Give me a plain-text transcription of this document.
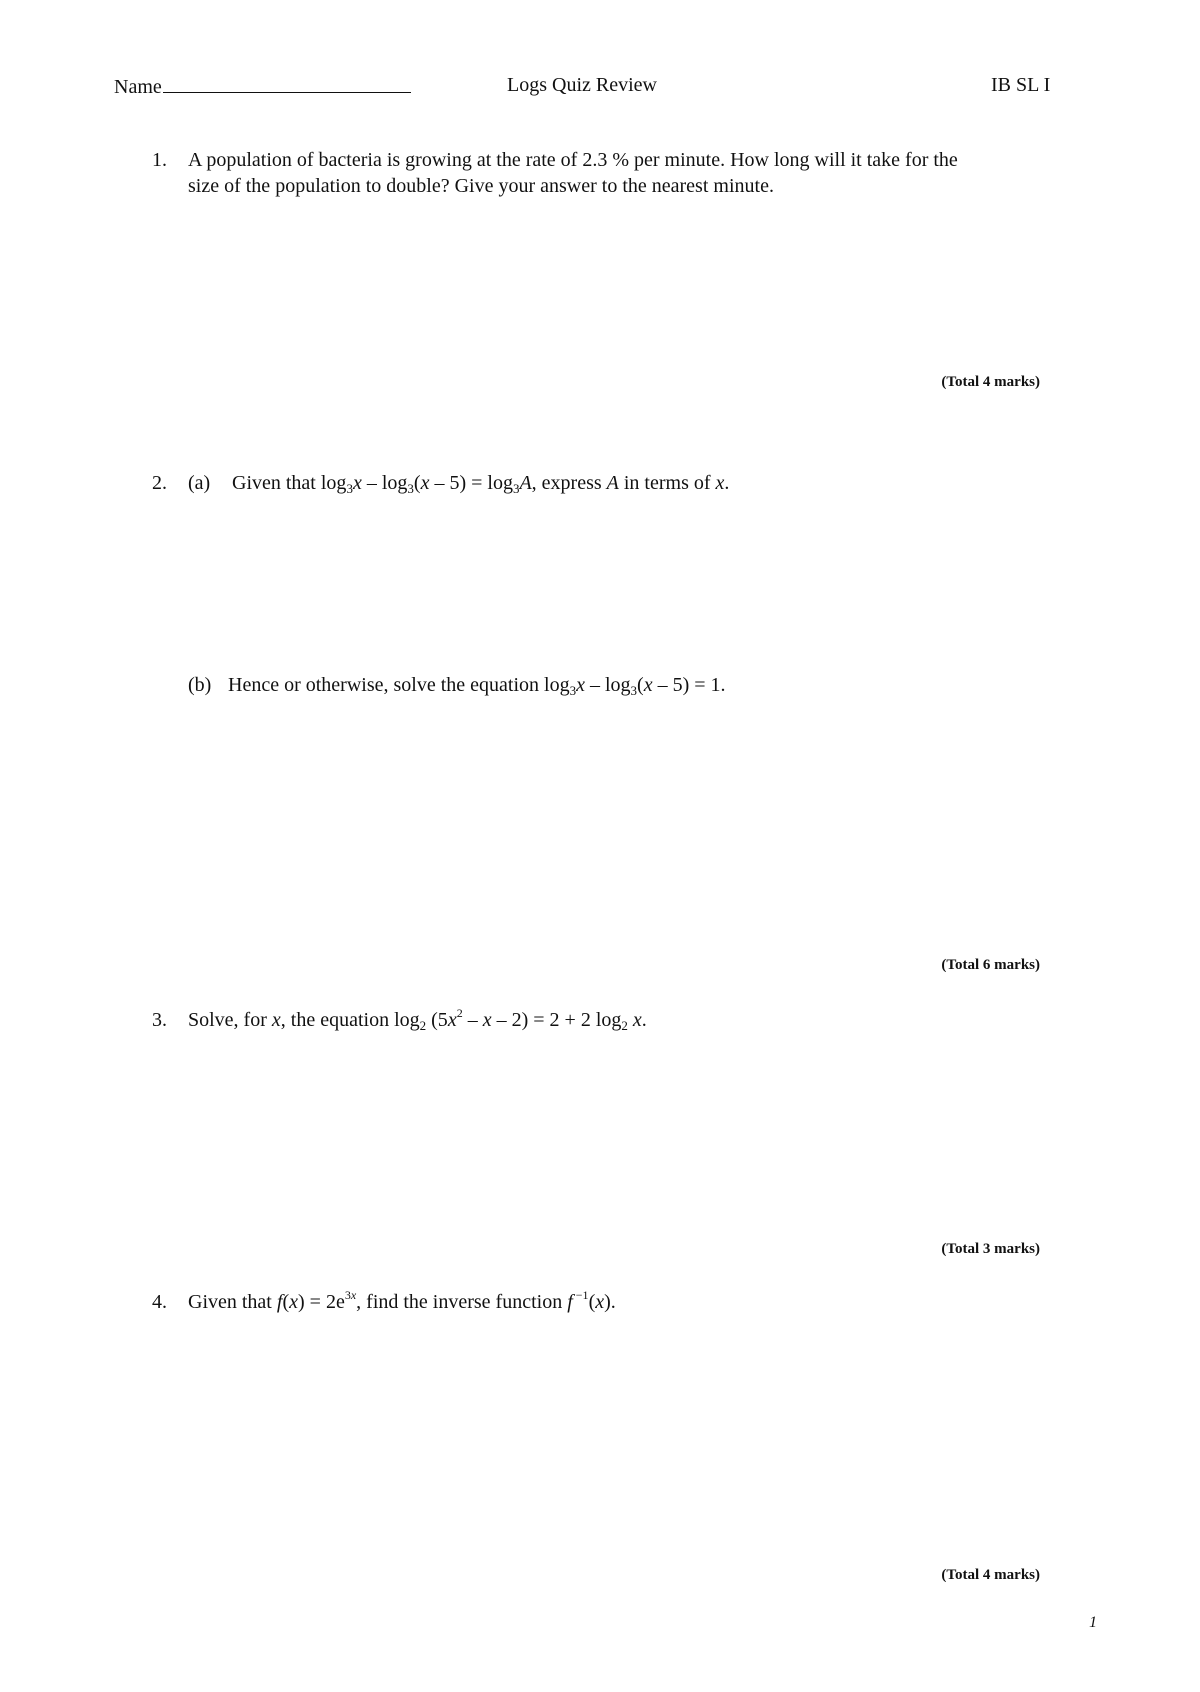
Name	Logs Quiz Review	IB SL I
1. A population of bacteria is growing at the rate of 2.3 % per minute. How long will it take for the
size of the population to double? Give your answer to the nearest minute.
(Total 4 marks)
2. (a) Given that $\log_3x - \log_3(x - 5) = \log_3A$, express A in terms of x.
(b) Hence or otherwise, solve the equation $\log_3x - \log_3(x - 5) = 1$.
(Total 6 marks)
3. Solve, for x, the equation $\log_2 (5x^2 - x - 2) = 2 + 2$ $\log_2 x$.
(Total 3 marks)
4. Given that $f(x) = 2e^{3x}$, find the inverse function f $^{-1}$(x).
(Total 4 marks)
1
